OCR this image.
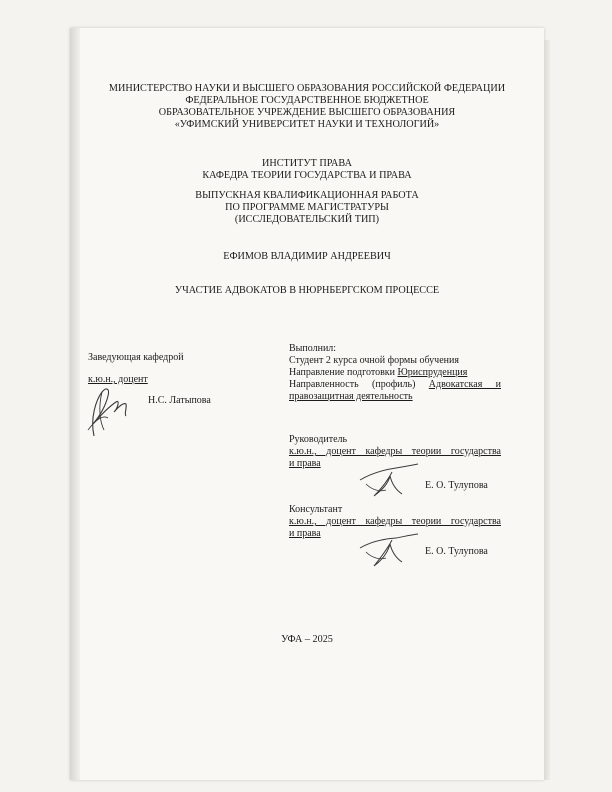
МИНИСТЕРСТВО НАУКИ И ВЫСШЕГО ОБРАЗОВАНИЯ РОССИЙСКОЙ ФЕДЕРАЦИИ
ФЕДЕРАЛЬНОЕ ГОСУДАРСТВЕННОЕ БЮДЖЕТНОЕ
ОБРАЗОВАТЕЛЬНОЕ УЧРЕЖДЕНИЕ ВЫСШЕГО ОБРАЗОВАНИЯ
«УФИМСКИЙ УНИВЕРСИТЕТ НАУКИ И ТЕХНОЛОГИЙ»
ИНСТИТУТ ПРАВА
КАФЕДРА ТЕОРИИ ГОСУДАРСТВА И ПРАВА
ВЫПУСКНАЯ КВАЛИФИКАЦИОННАЯ РАБОТА
ПО ПРОГРАММЕ МАГИСТРАТУРЫ
(ИССЛЕДОВАТЕЛЬСКИЙ ТИП)
ЕФИМОВ ВЛАДИМИР АНДРЕЕВИЧ
УЧАСТИЕ АДВОКАТОВ В НЮРНБЕРГСКОМ ПРОЦЕССЕ
Заведующая кафедрой
к.ю.н., доцент
Н.С. Латыпова
Выполнил:
Студент 2 курса очной формы обучения
Направление подготовки Юриспруденция
Направленность (профиль) Адвокатская и
правозащитная деятельность
Руководитель
к.ю.н., доцент кафедры теории государства
и права
Е. О. Тулупова
Консультант
к.ю.н., доцент кафедры теории государства
и права
Е. О. Тулупова
УФА – 2025
